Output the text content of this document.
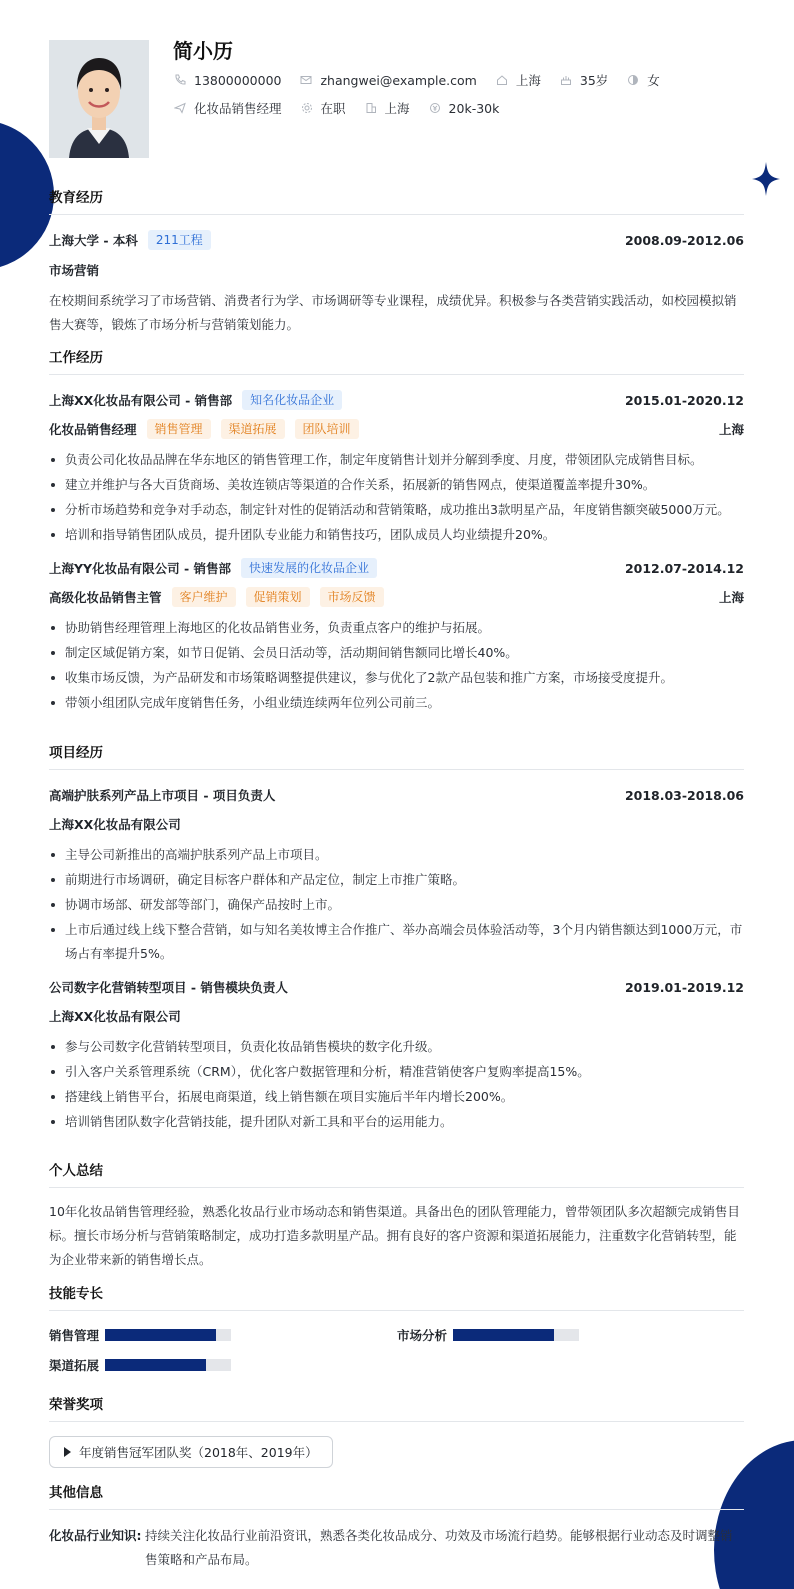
简小历
13800000000	zhangwei@example.com	上海	35岁	女
化妆品销售经理	在职	上海	20k-30k
教育经历
上海大学 - 本科	211工程	2008.09-2012.06
市场营销
在校期间系统学习了市场营销、消费者行为学、市场调研等专业课程，成绩优异。积极参与各类营销实践活动，如校园模拟销售大赛等，锻炼了市场分析与营销策划能力。
工作经历
上海XX化妆品有限公司 - 销售部	知名化妆品企业	2015.01-2020.12
化妆品销售经理	销售管理	渠道拓展	团队培训	上海
负责公司化妆品品牌在华东地区的销售管理工作，制定年度销售计划并分解到季度、月度，带领团队完成销售目标。
建立并维护与各大百货商场、美妆连锁店等渠道的合作关系，拓展新的销售网点，使渠道覆盖率提升30%。
分析市场趋势和竞争对手动态，制定针对性的促销活动和营销策略，成功推出3款明星产品，年度销售额突破5000万元。
培训和指导销售团队成员，提升团队专业能力和销售技巧，团队成员人均业绩提升20%。
上海YY化妆品有限公司 - 销售部	快速发展的化妆品企业	2012.07-2014.12
高级化妆品销售主管	客户维护	促销策划	市场反馈	上海
协助销售经理管理上海地区的化妆品销售业务，负责重点客户的维护与拓展。
制定区域促销方案，如节日促销、会员日活动等，活动期间销售额同比增长40%。
收集市场反馈，为产品研发和市场策略调整提供建议，参与优化了2款产品包装和推广方案，市场接受度提升。
带领小组团队完成年度销售任务，小组业绩连续两年位列公司前三。
项目经历
高端护肤系列产品上市项目 - 项目负责人	2018.03-2018.06
上海XX化妆品有限公司
主导公司新推出的高端护肤系列产品上市项目。
前期进行市场调研，确定目标客户群体和产品定位，制定上市推广策略。
协调市场部、研发部等部门，确保产品按时上市。
上市后通过线上线下整合营销，如与知名美妆博主合作推广、举办高端会员体验活动等，3个月内销售额达到1000万元，市场占有率提升5%。
公司数字化营销转型项目 - 销售模块负责人	2019.01-2019.12
上海XX化妆品有限公司
参与公司数字化营销转型项目，负责化妆品销售模块的数字化升级。
引入客户关系管理系统（CRM），优化客户数据管理和分析，精准营销使客户复购率提高15%。
搭建线上销售平台，拓展电商渠道，线上销售额在项目实施后半年内增长200%。
培训销售团队数字化营销技能，提升团队对新工具和平台的运用能力。
个人总结
10年化妆品销售管理经验，熟悉化妆品行业市场动态和销售渠道。具备出色的团队管理能力，曾带领团队多次超额完成销售目标。擅长市场分析与营销策略制定，成功打造多款明星产品。拥有良好的客户资源和渠道拓展能力，注重数字化营销转型，能为企业带来新的销售增长点。
技能专长
销售管理	市场分析
渠道拓展
荣誉奖项
年度销售冠军团队奖（2018年、2019年）
其他信息
化妆品行业知识: 持续关注化妆品行业前沿资讯，熟悉各类化妆品成分、功效及市场流行趋势。能够根据行业动态及时调整销售策略和产品布局。
